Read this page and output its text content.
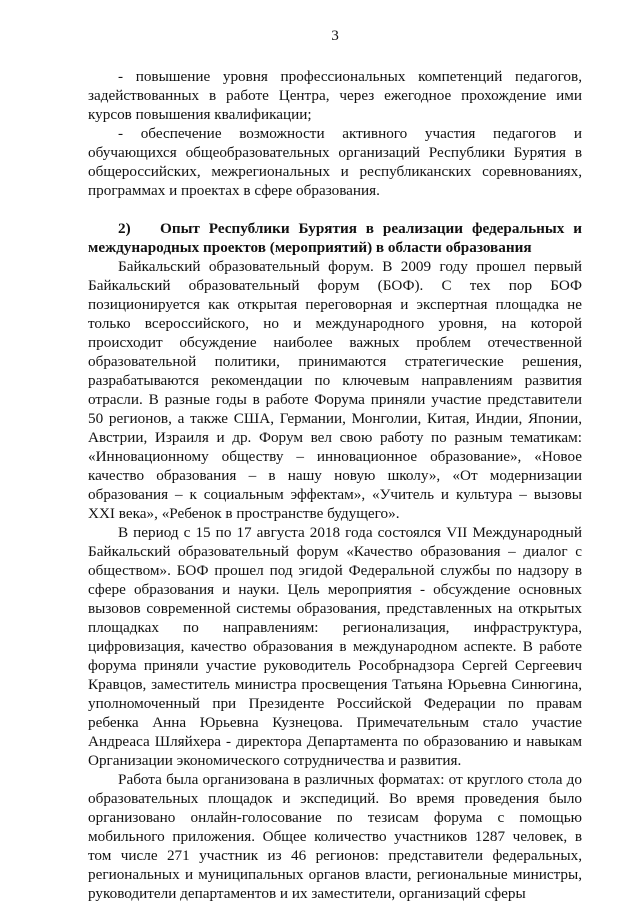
3

- повышение уровня профессиональных компетенций педагогов, задействованных в работе Центра, через ежегодное прохождение ими курсов повышения квалификации;

- обеспечение возможности активного участия педагогов и обучающихся общеобразовательных организаций Республики Бурятия в общероссийских, межрегиональных и республиканских соревнованиях, программах и проектах в сфере образования.

2) Опыт Республики Бурятия в реализации федеральных и международных проектов (мероприятий) в области образования

Байкальский образовательный форум. В 2009 году прошел первый Байкальский образовательный форум (БОФ). С тех пор БОФ позиционируется как открытая переговорная и экспертная площадка не только всероссийского, но и международного уровня, на которой происходит обсуждение наиболее важных проблем отечественной образовательной политики, принимаются стратегические решения, разрабатываются рекомендации по ключевым направлениям развития отрасли. В разные годы в работе Форума приняли участие представители 50 регионов, а также США, Германии, Монголии, Китая, Индии, Японии, Австрии, Израиля и др. Форум вел свою работу по разным тематикам: «Инновационному обществу – инновационное образование», «Новое качество образования – в нашу новую школу», «От модернизации образования – к социальным эффектам», «Учитель и культура – вызовы XXI века», «Ребенок в пространстве будущего».

В период с 15 по 17 августа 2018 года состоялся VII Международный Байкальский образовательный форум «Качество образования – диалог с обществом». БОФ прошел под эгидой Федеральной службы по надзору в сфере образования и науки. Цель мероприятия - обсуждение основных вызовов современной системы образования, представленных на открытых площадках по направлениям: регионализация, инфраструктура, цифровизация, качество образования в международном аспекте. В работе форума приняли участие руководитель Рособрнадзора Сергей Сергеевич Кравцов, заместитель министра просвещения Татьяна Юрьевна Синюгина, уполномоченный при Президенте Российской Федерации по правам ребенка Анна Юрьевна Кузнецова. Примечательным стало участие Андреаса Шляйхера - директора Департамента по образованию и навыкам Организации экономического сотрудничества и развития.

Работа была организована в различных форматах: от круглого стола до образовательных площадок и экспедиций. Во время проведения было организовано онлайн-голосование по тезисам форума с помощью мобильного приложения. Общее количество участников 1287 человек, в том числе 271 участник из 46 регионов: представители федеральных, региональных и муниципальных органов власти, региональные министры, руководители департаментов и их заместители, организаций сферы
